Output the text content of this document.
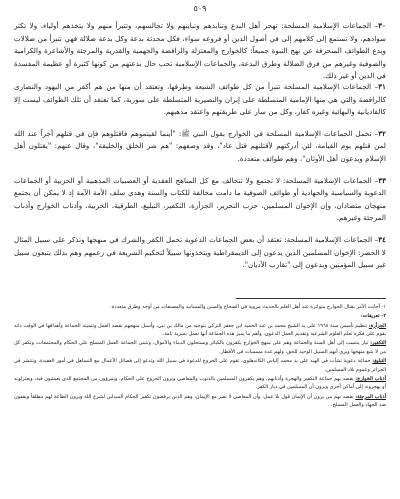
٥٠٩
٣٠– الجماعات الإسلامية المسلحة: تهجر أهل البدع وتنابذهم وتباينهم ولا تجالسهم، وتتبرأ منهم ولا يتخذهم أولياء، ولا تكثر سوادهم، ولا تستمع إلى كلامهم إلى في أصول الدين أو فروعه سواء، فكل محدثة بدعة وكل بدعة ضلالة فهي تتبرأ من ضلالات وبدع الطوائف المنحرفة عن نهج النبوة جميعاً: كالخوارج والمعتزلة والرافضة والجهمية والقدرية والمرجئة والأشاعرة والكرامية والصوفية وغيرهم من فرق الضلالة وطرق البدعة، والجماعات الإسلامية تحب حال بدعتهم من كونها كثيرة أو عظيمة المفسدة في الدين أو غير ذلك.
٣١– الجماعات الإسلامية المسلحة تتبرأ من كل طوائف الشيعة وطرقها، وتعتقد أن منها من هم أكفر من اليهود والنصارى كالرافضة والتي هي منها الإمامية المتسلطة على إيران والنصيرية المتسلطة على سورية، كما تعتقد أن تلك الطوائف ليست إلا كالقاديانية والبهائية وغيره كفار، وكل من سار على طريقتهم واعتقد مذهبهم.
٣٢– تحمل الجماعات الإسلامية المسلحة في الخوارج بقول النبي ﷺ: "أينما لقيتموهم فاقتلوهم فإن في قتلهم أجراً عند الله لمن قتلهم يوم القيامة، لئن أدركتهم لأقتلنهم قتل عاد"، وقد وصفهم: "هم شر الخلق والخليقة"، وقال عنهم: "يقتلون أهل الإسلام ويدعون أهل الأوثان"، وهم طوائف متعددة.
٣٣– الجماعات الإسلامية المسلحة: لا تجتمع ولا تتحالف مع كل المناهج العقدية أو العصبيات المذهبية أو الحزبية أو الجماعات الدعوية والسياسية والجهادية أو طوائف الصوفية ما دامت مخالفة للكتاب والسنة وهدي سلف الأمة الآمة إذ لا يمكن أن يجتمع منهجان متضادان، وإن الإخوان المسلمين، حزب التحرير، الجزأرة، التكفير، التبليغ، الطرقية، الحزبية، وأذناب الخوارج وأذناب المرجئة وغيرهم.
٣٤– الجماعات الإسلامية المسلحة: تعتقد أن بعض الجماعات الدعوية تحمل الكفر والشرك في منهجها وتذكر على سبيل المثال لا الحصر: الإخوان المسلمين الذين يدعون إلى الديمقراطية ويتخذونها سبيلاً لتحكيم الشريعة في زعمهم وهم بذلك يتبعون سبيل غير سبيل المؤمنين ويدعون إلى "تقارب الأديان".
١- أجابت الأمر بقتال الخوارج متواترة عند أهل العلم بالحديث مروية في الصحاح والسنن والمسانيد والمصنفات من أوجه وطرق متعددة.
٢- تعريفات:
الجزأرة: تنظيم تأسس سنة ١٩٦٨ على يد الشيخ محمد بن عبد الحميد ابن جعفر التركي بتوجيه من مالك بن نبي، وأسبل منهجهم بقصد العمل وتنميته الجماعة وأهدافها في الوقت ذاته يقوم على فكرة تعلم العلوم الشرعية وتقديم العمل الدعوي، وأهم ما يميز هذه الجماعة أنها تعمل بسرية تامة.
التكفير: تيار ينتسب إلى أهل السنة والجماعة وهم على منهج الخوارج يكفرون بالكبائر ويستحلون الدماء والأموال، وتتبنى الجماعة العمل المسلح على الحكام والمجتمعات، وتكفر كل من لا يتبع منهجها ويرى أنهم السبيل الوحيد للحق، ولهم عدة مسميات في الأقطار.
التبليغ: جماعة دعوية نشأت في الهند على يد محمد إلياس الكاندهلوي، تقوم على الخروج للدعوة في سبيل الله وتدعو إلى فضائل الأعمال مع التساهل في أمور العقيدة، وتنتشر في الجزائر وعموم بلاد المسلمين.
أذناب الخوارج: يقصد بهم جماعة التكفير والهجرة وأذنابهم، وهم يكفرون المسلمين بالذنوب والمعاصي ويرون الخروج على الحكام، ويتبرؤون من المجتمع الذي يعيشون فيه، ويعتزلونه أو يهجرونه إلى أماكن أخرى ويرون أن المسلمين في ديار الكفر.
أذناب المرجئة: يقصد بهم من يرون أن الإيمان قول بلا عمل، وأن المعاصي لا تضر مع الإيمان، وهم الذين يرفضون تكفير الحكام المبدلين لشرع الله ويرون الطاعة لهم مطلقاً ويقفون ضد الجهاد والعمل المسلح.
